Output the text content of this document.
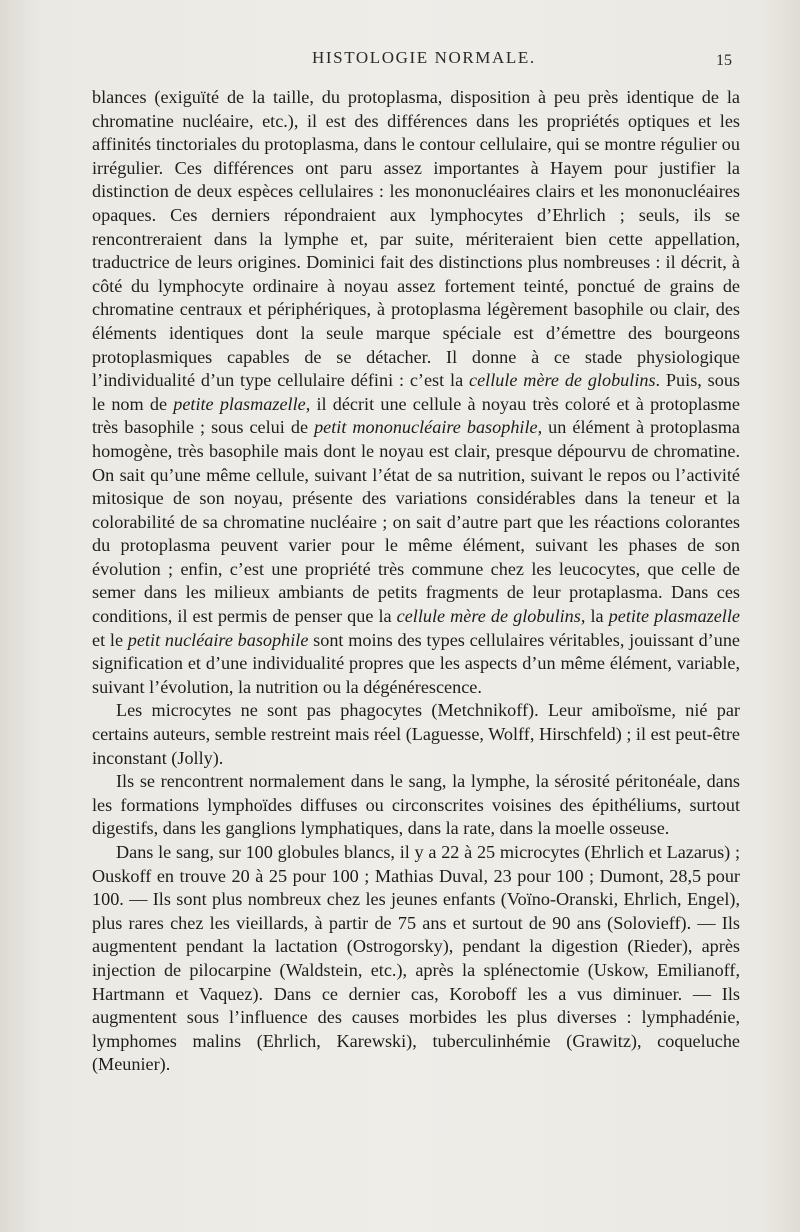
HISTOLOGIE NORMALE.	15

blances (exiguïté de la taille, du protoplasma, disposition à peu près identique de la chromatine nucléaire, etc.), il est des différences dans les propriétés optiques et les affinités tinctoriales du protoplasma, dans le contour cellulaire, qui se montre régulier ou irrégulier. Ces différences ont paru assez importantes à Hayem pour justifier la distinction de deux espèces cellulaires : les mononucléaires clairs et les mononucléaires opaques. Ces derniers répondraient aux lymphocytes d’Ehrlich ; seuls, ils se rencontreraient dans la lymphe et, par suite, mériteraient bien cette appellation, traductrice de leurs origines. Dominici fait des distinctions plus nombreuses : il décrit, à côté du lymphocyte ordinaire à noyau assez fortement teinté, ponctué de grains de chromatine centraux et périphériques, à protoplasma légèrement basophile ou clair, des éléments identiques dont la seule marque spéciale est d’émettre des bourgeons protoplasmiques capables de se détacher. Il donne à ce stade physiologique l’individualité d’un type cellulaire défini : c’est la cellule mère de globulins. Puis, sous le nom de petite plasmazelle, il décrit une cellule à noyau très coloré et à protoplasme très basophile ; sous celui de petit mononucléaire basophile, un élément à protoplasma homogène, très basophile mais dont le noyau est clair, presque dépourvu de chromatine. On sait qu’une même cellule, suivant l’état de sa nutrition, suivant le repos ou l’activité mitosique de son noyau, présente des variations considérables dans la teneur et la colorabilité de sa chromatine nucléaire ; on sait d’autre part que les réactions colorantes du protoplasma peuvent varier pour le même élément, suivant les phases de son évolution ; enfin, c’est une propriété très commune chez les leucocytes, que celle de semer dans les milieux ambiants de petits fragments de leur protaplasma. Dans ces conditions, il est permis de penser que la cellule mère de globulins, la petite plasmazelle et le petit nucléaire basophile sont moins des types cellulaires véritables, jouissant d’une signification et d’une individualité propres que les aspects d’un même élément, variable, suivant l’évolution, la nutrition ou la dégénérescence.

Les microcytes ne sont pas phagocytes (Metchnikoff). Leur amiboïsme, nié par certains auteurs, semble restreint mais réel (Laguesse, Wolff, Hirschfeld) ; il est peut-être inconstant (Jolly).

Ils se rencontrent normalement dans le sang, la lymphe, la sérosité péritonéale, dans les formations lymphoïdes diffuses ou circonscrites voisines des épithéliums, surtout digestifs, dans les ganglions lymphatiques, dans la rate, dans la moelle osseuse.

Dans le sang, sur 100 globules blancs, il y a 22 à 25 microcytes (Ehrlich et Lazarus) ; Ouskoff en trouve 20 à 25 pour 100 ; Mathias Duval, 23 pour 100 ; Dumont, 28,5 pour 100. — Ils sont plus nombreux chez les jeunes enfants (Voïno-Oranski, Ehrlich, Engel), plus rares chez les vieillards, à partir de 75 ans et surtout de 90 ans (Solovieff). — Ils augmentent pendant la lactation (Ostrogorsky), pendant la digestion (Rieder), après injection de pilocarpine (Waldstein, etc.), après la splénectomie (Uskow, Emilianoff, Hartmann et Vaquez). Dans ce dernier cas, Koroboff les a vus diminuer. — Ils augmentent sous l’influence des causes morbides les plus diverses : lymphadénie, lymphomes malins (Ehrlich, Karewski), tuberculinhémie (Grawitz), coqueluche (Meunier).
